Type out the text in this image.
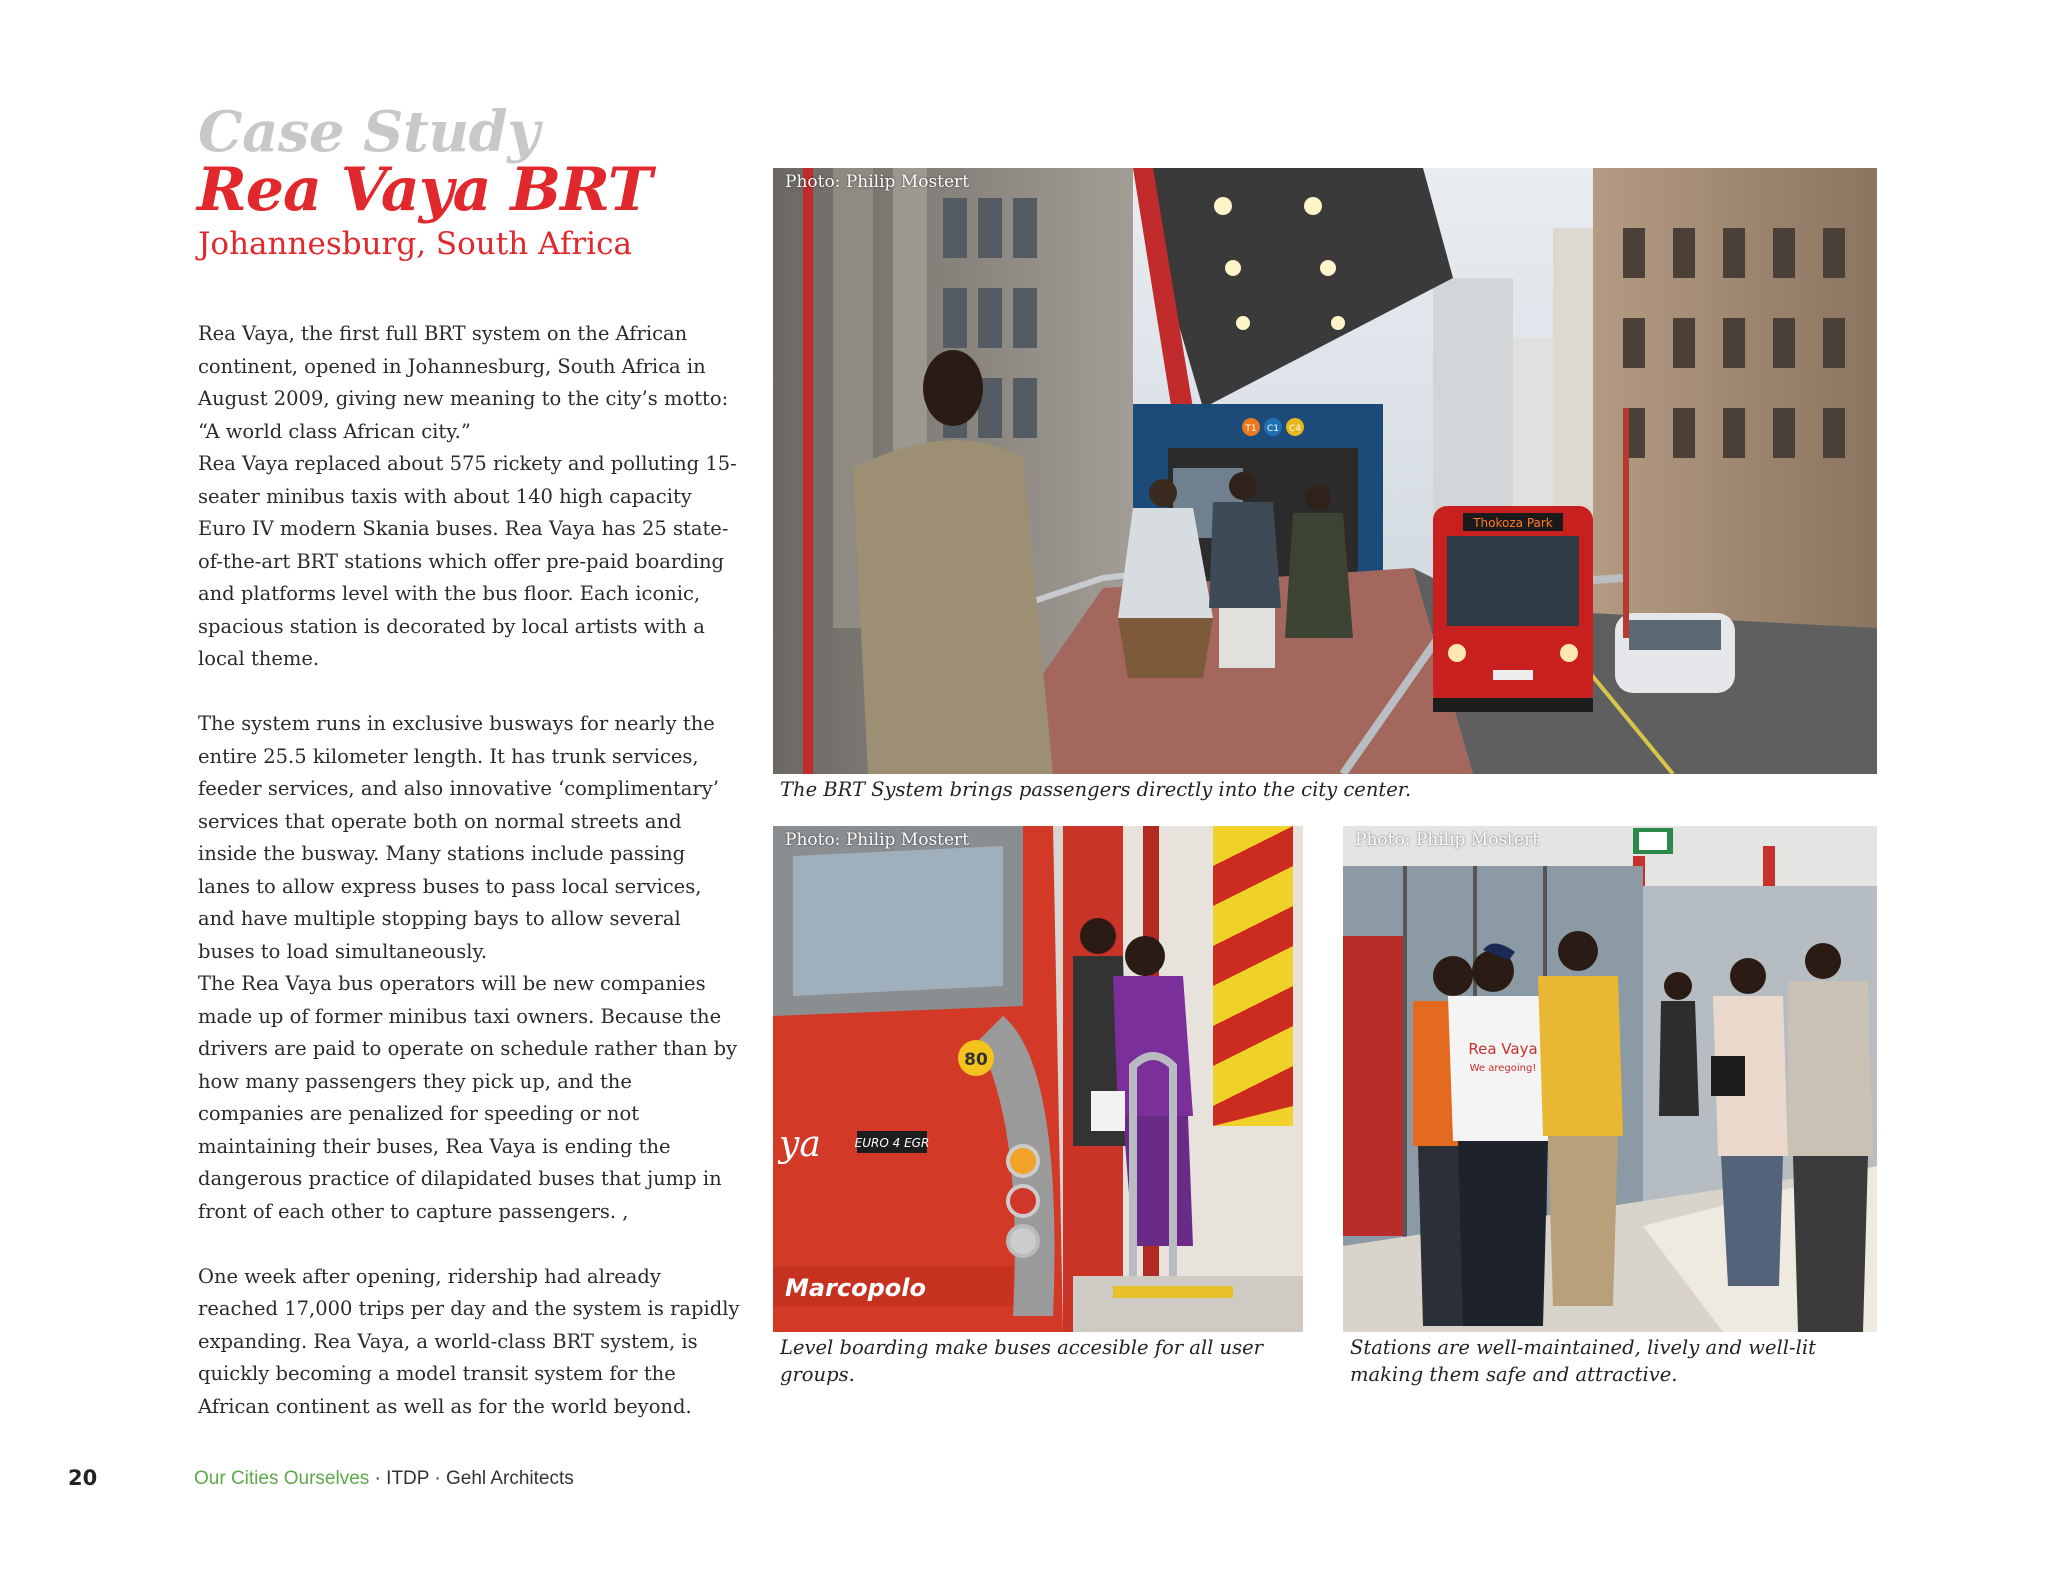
Case Study
Rea Vaya BRT
Johannesburg, South Africa

Rea Vaya, the first full BRT system on the African continent, opened in Johannesburg, South Africa in August 2009, giving new meaning to the city’s motto: “A world class African city.”

Rea Vaya replaced about 575 rickety and polluting 15-seater minibus taxis with about 140 high capacity Euro IV modern Skania buses. Rea Vaya has 25 state-of-the-art BRT stations which offer pre-paid boarding and platforms level with the bus floor. Each iconic, spacious station is decorated by local artists with a local theme.

The system runs in exclusive busways for nearly the entire 25.5 kilometer length. It has trunk services, feeder services, and also innovative ‘complimentary’ services that operate both on normal streets and inside the busway. Many stations include passing lanes to allow express buses to pass local services, and have multiple stopping bays to allow several buses to load simultaneously.

The Rea Vaya bus operators will be new companies made up of former minibus taxi owners. Because the drivers are paid to operate on schedule rather than by how many passengers they pick up, and the companies are penalized for speeding or not maintaining their buses, Rea Vaya is ending the dangerous practice of dilapidated buses that jump in front of each other to capture passengers. ,

One week after opening, ridership had already reached 17,000 trips per day and the system is rapidly expanding. Rea Vaya, a world-class BRT system, is quickly becoming a model transit system for the African continent as well as for the world beyond.

T1 C1 C4
Thokoza Park
Photo: Philip Mostert
The BRT System brings passengers directly into the city center.
80
EURO 4 EGR
ya
Marcopolo
Photo: Philip Mostert
Level boarding make buses accesible for all user groups.
Rea Vaya
We aregoing!
Photo: Philip Mostert
Stations are well-maintained, lively and well-lit making them safe and attractive.
20	Our Cities Ourselves · ITDP · Gehl Architects
